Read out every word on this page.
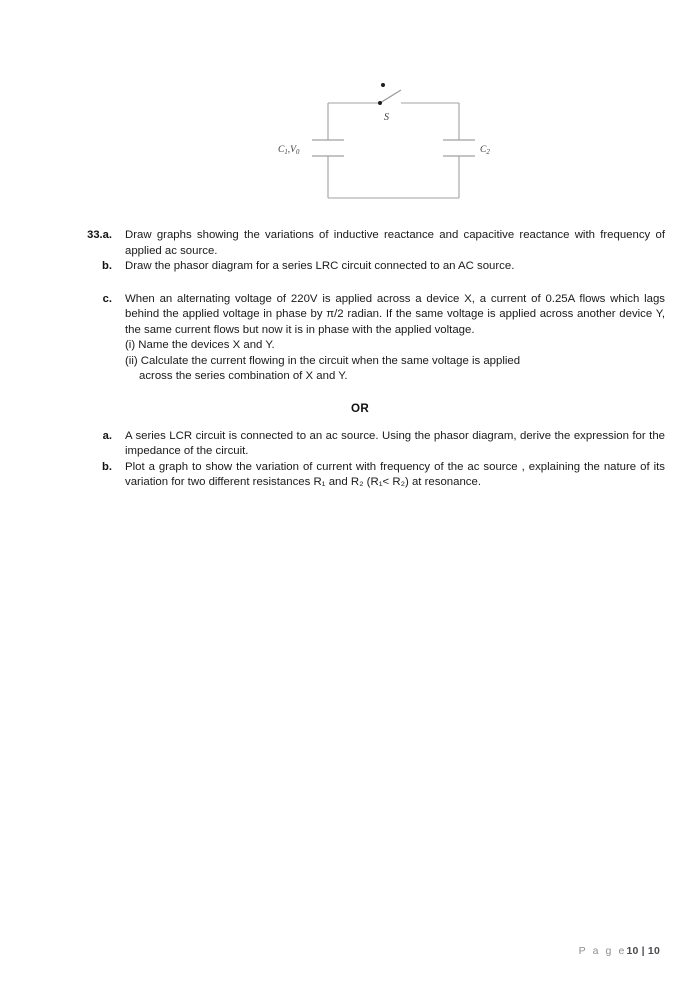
S
$C_1,V_0$	$C_2$
33.a.	Draw graphs showing the variations of inductive reactance and capacitive reactance with frequency of applied ac source.
b.	Draw the phasor diagram for a series LRC circuit connected to an AC source.
c.	When an alternating voltage of 220V is applied across a device X, a current of 0.25A flows which lags behind the applied voltage in phase by π/2 radian. If the same voltage is applied across another device Y, the same current flows but now it is in phase with the applied voltage.
(i) Name the devices X and Y.
(ii) Calculate the current flowing in the circuit when the same voltage is applied
across the series combination of X and Y.
OR
a.	A series LCR circuit is connected to an ac source. Using the phasor diagram, derive the expression for the impedance of the circuit.
b.	Plot a graph to show the variation of current with frequency of the ac source , explaining the nature of its variation for two different resistances R₁ and R₂ (R₁< R₂) at resonance.
P a g e10 | 10
